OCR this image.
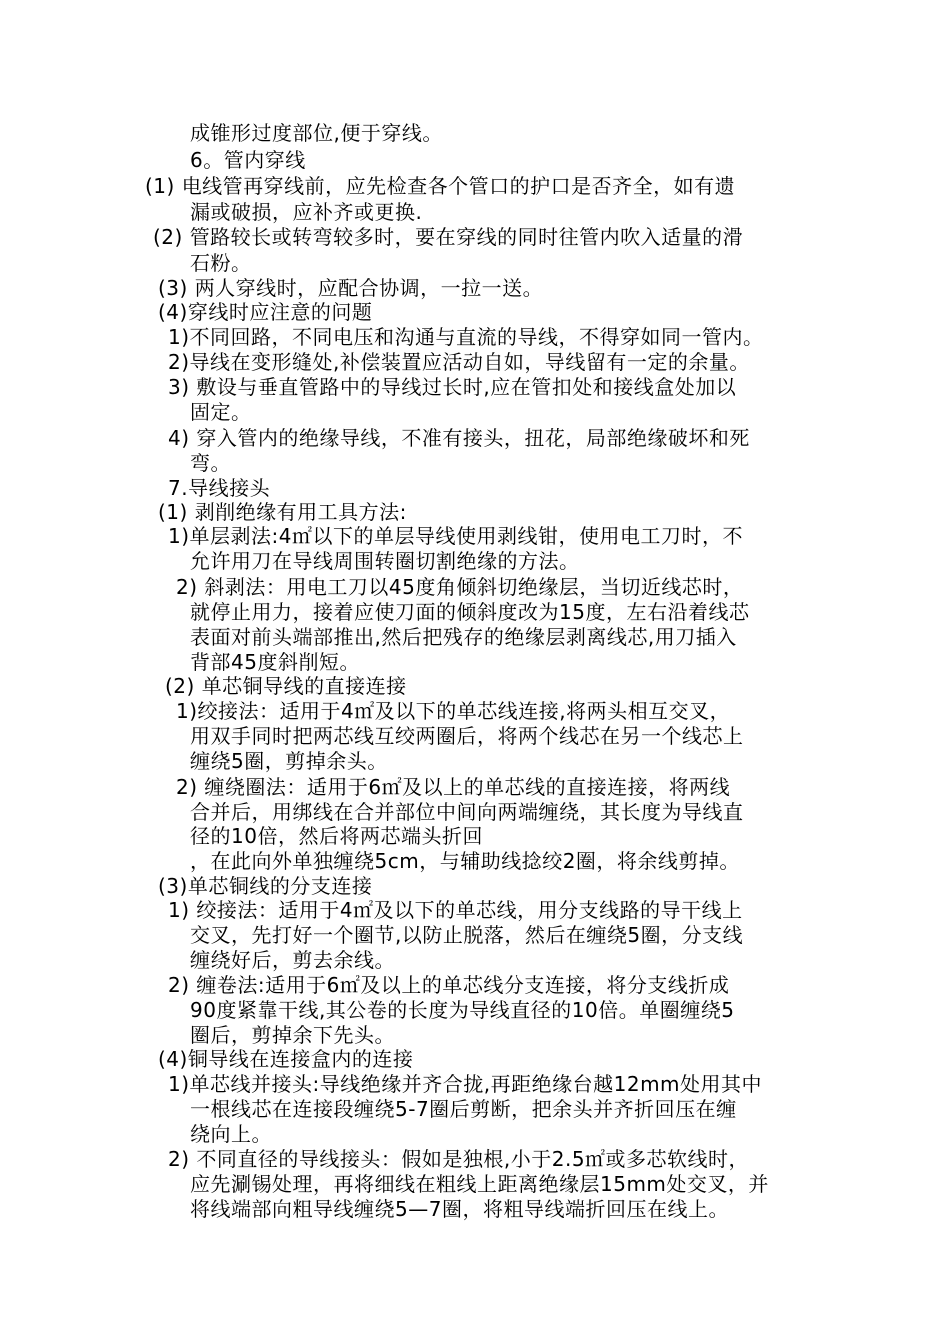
成锥形过度部位,便于穿线。
6。管内穿线
(1) 电线管再穿线前，应先检查各个管口的护口是否齐全，如有遗
漏或破损，应补齐或更换.
(2) 管路较长或转弯较多时，要在穿线的同时往管内吹入适量的滑
石粉。
(3) 两人穿线时，应配合协调，一拉一送。
(4)穿线时应注意的问题
1)不同回路，不同电压和沟通与直流的导线，不得穿如同一管内。
2)导线在变形缝处,补偿装置应活动自如，导线留有一定的余量。
3) 敷设与垂直管路中的导线过长时,应在管扣处和接线盒处加以
固定。
4) 穿入管内的绝缘导线，不准有接头，扭花，局部绝缘破坏和死
弯。
7.导线接头
(1) 剥削绝缘有用工具方法:
1)单层剥法:4㎡以下的单层导线使用剥线钳，使用电工刀时，不
允许用刀在导线周围转圈切割绝缘的方法。
2) 斜剥法：用电工刀以45度角倾斜切绝缘层，当切近线芯时，
就停止用力，接着应使刀面的倾斜度改为15度，左右沿着线芯
表面对前头端部推出,然后把残存的绝缘层剥离线芯,用刀插入
背部45度斜削短。
(2) 单芯铜导线的直接连接
1)绞接法：适用于4㎡及以下的单芯线连接,将两头相互交叉，
用双手同时把两芯线互绞两圈后，将两个线芯在另一个线芯上
缠绕5圈，剪掉余头。
2) 缠绕圈法：适用于6㎡及以上的单芯线的直接连接，将两线
合并后，用绑线在合并部位中间向两端缠绕，其长度为导线直
径的10倍，然后将两芯端头折回
，在此向外单独缠绕5cm，与辅助线捻绞2圈，将余线剪掉。
(3)单芯铜线的分支连接
1) 绞接法：适用于4㎡及以下的单芯线，用分支线路的导干线上
交叉，先打好一个圈节,以防止脱落，然后在缠绕5圈，分支线
缠绕好后，剪去余线。
2) 缠卷法:适用于6㎡及以上的单芯线分支连接，将分支线折成
90度紧靠干线,其公卷的长度为导线直径的10倍。单圈缠绕5
圈后，剪掉余下先头。
(4)铜导线在连接盒内的连接
1)单芯线并接头:导线绝缘并齐合拢,再距绝缘台越12mm处用其中
一根线芯在连接段缠绕5-7圈后剪断，把余头并齐折回压在缠
绕向上。
2) 不同直径的导线接头：假如是独根,小于2.5㎡或多芯软线时，
应先涮锡处理，再将细线在粗线上距离绝缘层15mm处交叉，并
将线端部向粗导线缠绕5—7圈，将粗导线端折回压在线上。
